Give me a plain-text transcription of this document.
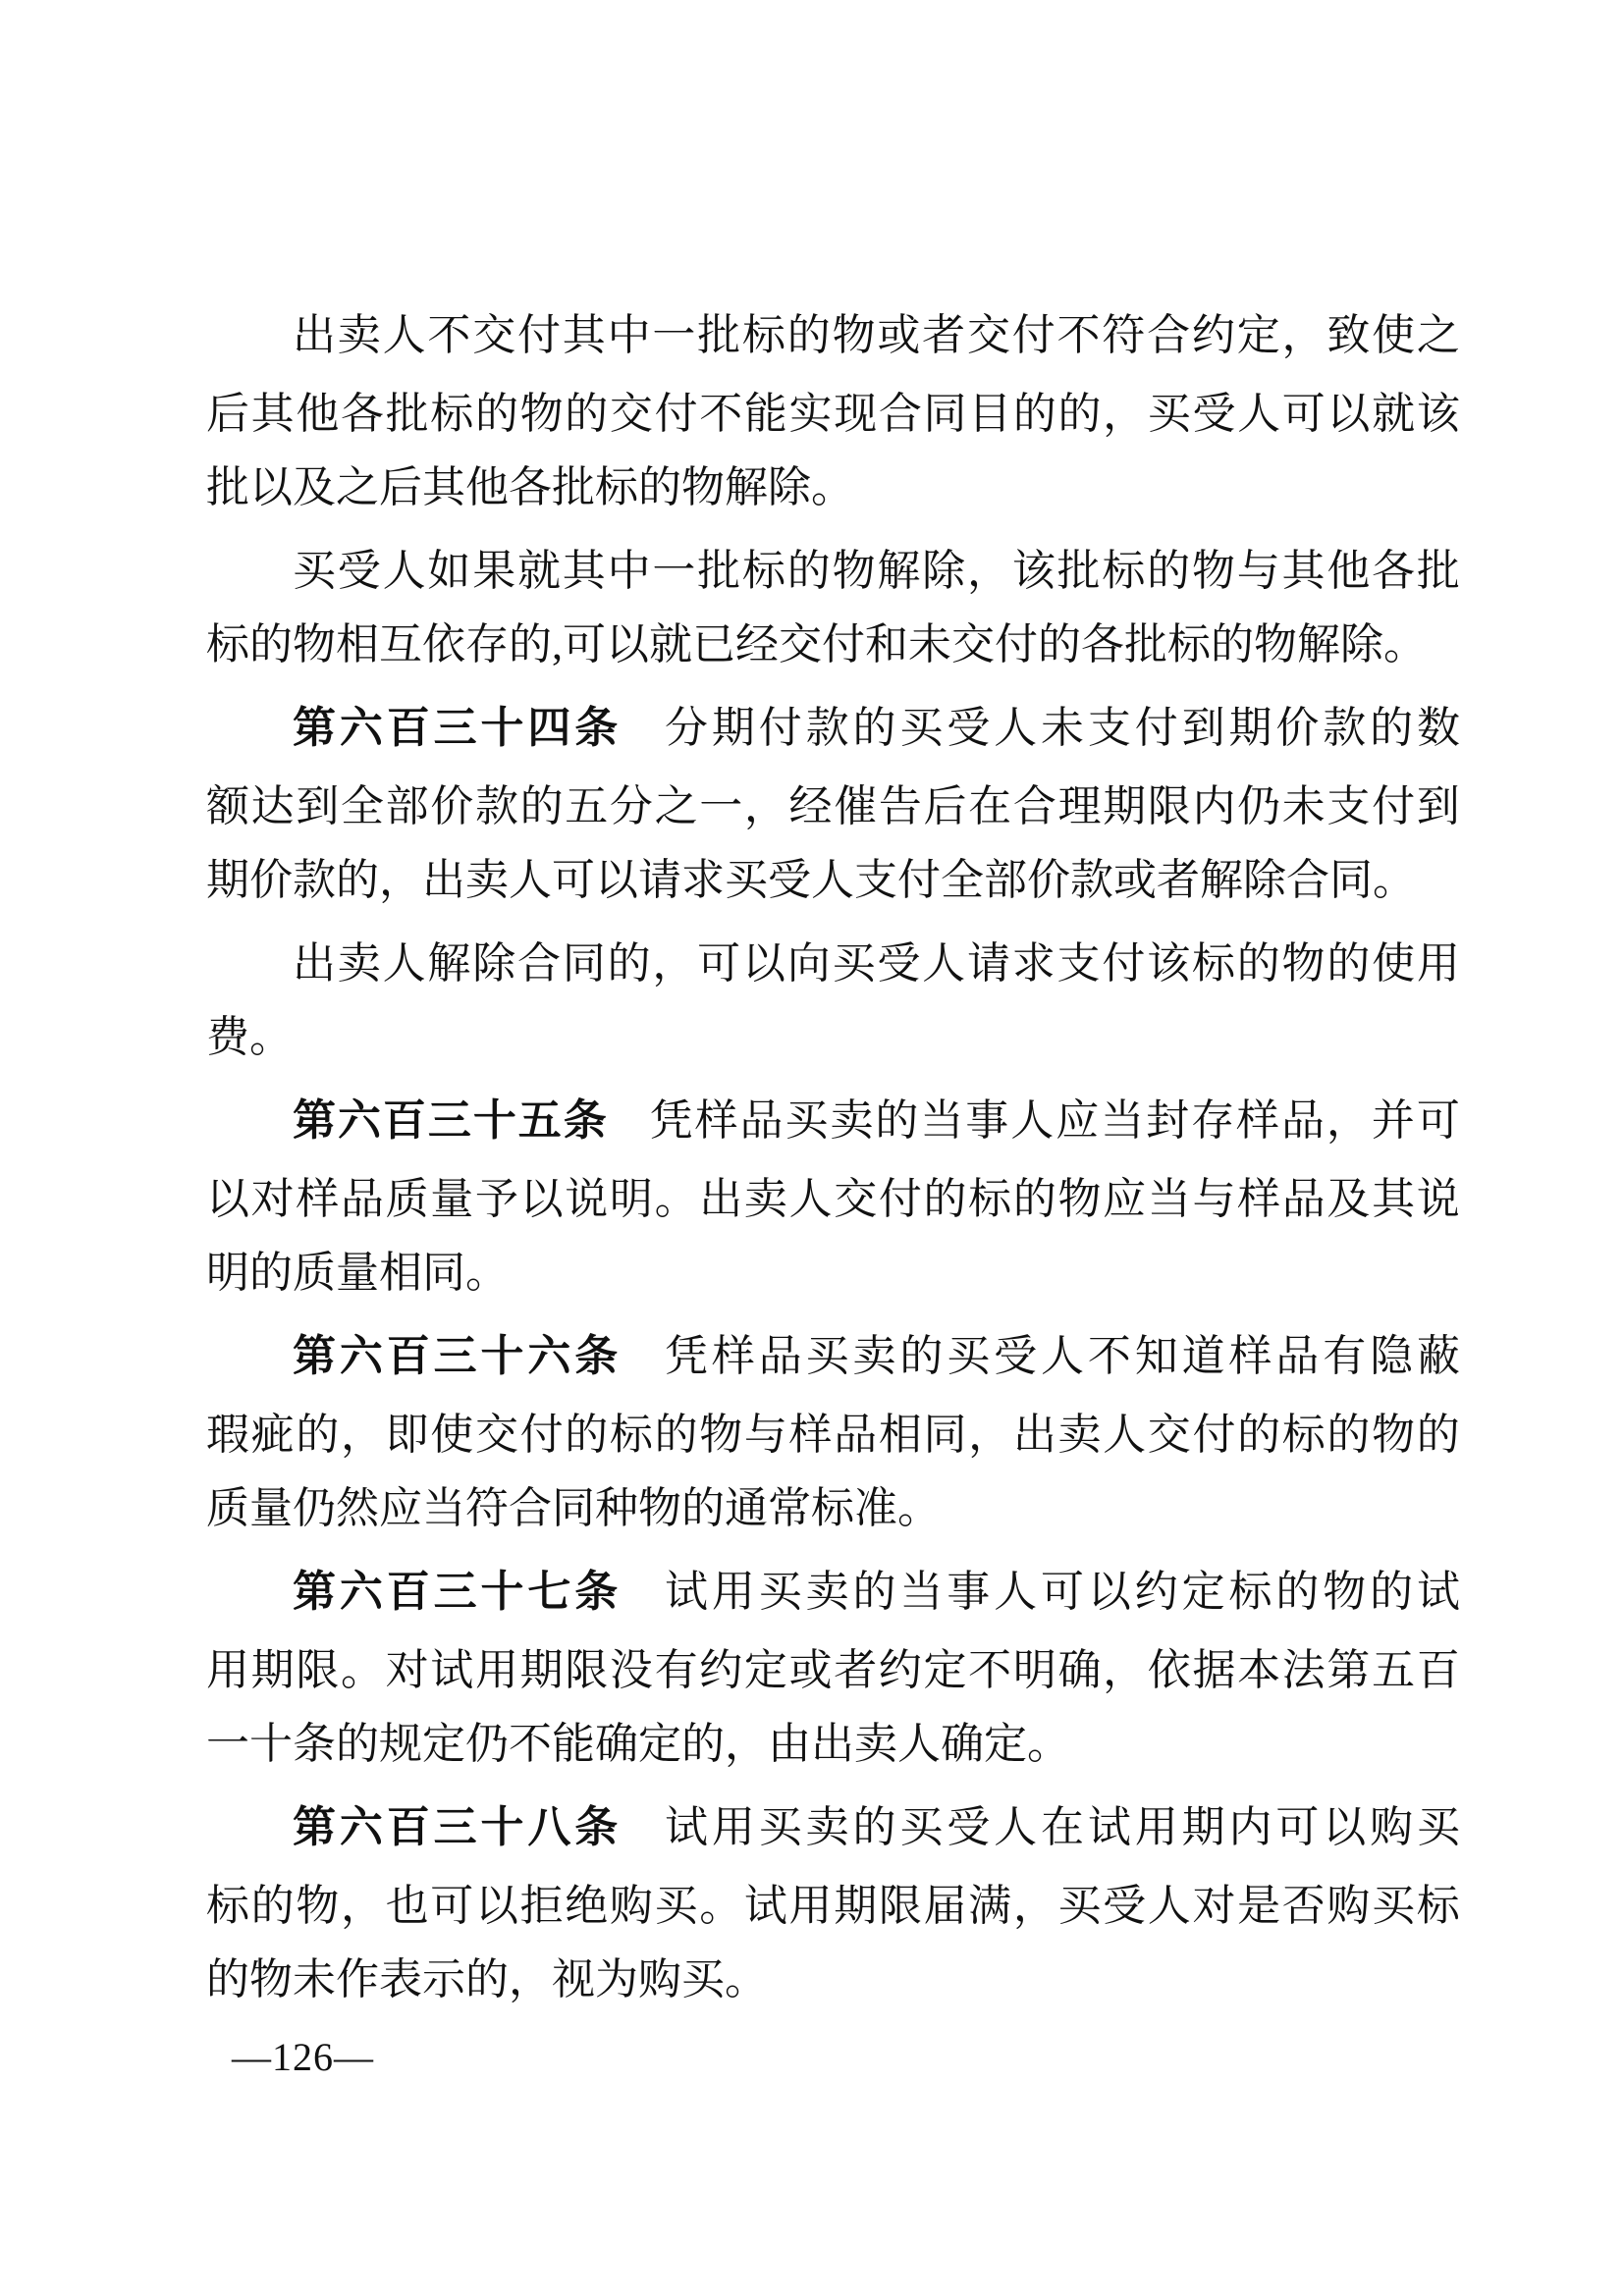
出 卖 人 不 交 付 其 中 一 批 标 的 物 或 者 交 付 不 符 合 约 定 ， 致 使 之
后 其 他 各 批 标 的 物 的 交 付 不 能 实 现 合 同 目 的 的 ， 买 受 人 可 以 就 该
批以及之后其他各批标的物解除。
买 受 人 如 果 就 其 中 一 批 标 的 物 解 除 ， 该 批 标 的 物 与 其 他 各 批
标的物相互依存的,可以就已经交付和未交付的各批标的物解除。
第 六 百 三 十 四 条 分 期 付 款 的 买 受 人 未 支 付 到 期 价 款 的 数
额 达 到 全 部 价 款 的 五 分 之 一 ， 经 催 告 后 在 合 理 期 限 内 仍 未 支 付 到
期价款的，出卖人可以请求买受人支付全部价款或者解除合同。
出 卖 人 解 除 合 同 的 ， 可 以 向 买 受 人 请 求 支 付 该 标 的 物 的 使 用
费。
第 六 百 三 十 五 条 凭 样 品 买 卖 的 当 事 人 应 当 封 存 样 品 ， 并 可
以 对 样 品 质 量 予 以 说 明 。 出 卖 人 交 付 的 标 的 物 应 当 与 样 品 及 其 说
明的质量相同。
第 六 百 三 十 六 条 凭 样 品 买 卖 的 买 受 人 不 知 道 样 品 有 隐 蔽
瑕 疵 的 ， 即 使 交 付 的 标 的 物 与 样 品 相 同 ， 出 卖 人 交 付 的 标 的 物 的
质量仍然应当符合同种物的通常标准。
第 六 百 三 十 七 条 试 用 买 卖 的 当 事 人 可 以 约 定 标 的 物 的 试
用 期 限 。 对 试 用 期 限 没 有 约 定 或 者 约 定 不 明 确 ， 依 据 本 法 第 五 百
一十条的规定仍不能确定的，由出卖人确定。
第 六 百 三 十 八 条 试 用 买 卖 的 买 受 人 在 试 用 期 内 可 以 购 买
标 的 物 ， 也 可 以 拒 绝 购 买 。 试 用 期 限 届 满 ， 买 受 人 对 是 否 购 买 标
的物未作表示的，视为购买。
—126—
